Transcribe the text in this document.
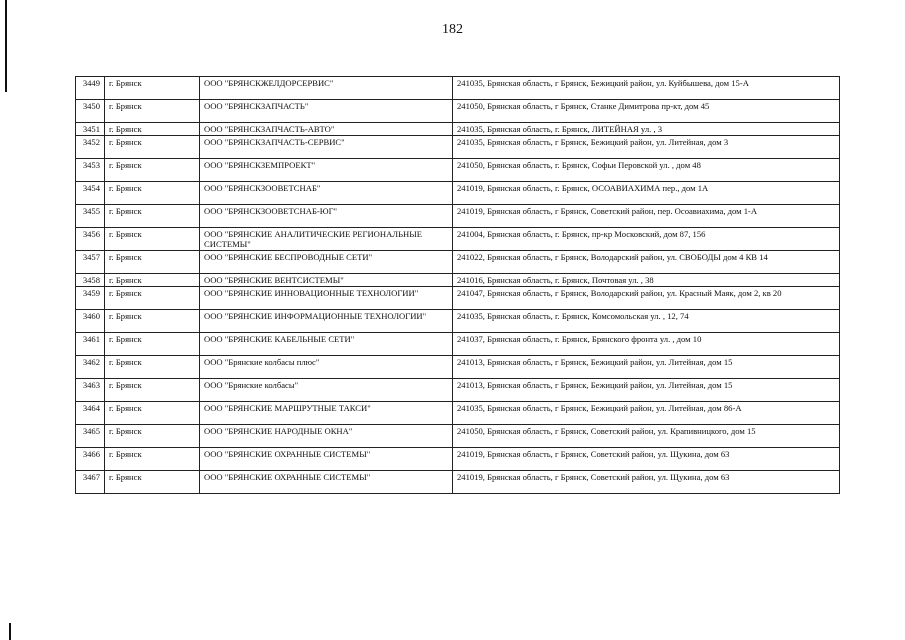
182
3449	г. Брянск	ООО "БРЯНСКЖЕЛДОРСЕРВИС"	241035, Брянская область, г Брянск, Бежицкий район, ул. Куйбышева, дом 15-А
3450	г. Брянск	ООО "БРЯНСКЗАПЧАСТЬ"	241050, Брянская область, г Брянск, Станке Димитрова пр-кт, дом 45
3451	г. Брянск	ООО "БРЯНСКЗАПЧАСТЬ-АВТО"	241035, Брянская область, г. Брянск, ЛИТЕЙНАЯ ул. , 3
3452	г. Брянск	ООО "БРЯНСКЗАПЧАСТЬ-СЕРВИС"	241035, Брянская область, г Брянск, Бежицкий район, ул. Литейная, дом 3
3453	г. Брянск	ООО "БРЯНСКЗЕМПРОЕКТ"	241050, Брянская область, г. Брянск, Софьи Перовской ул. , дом 48
3454	г. Брянск	ООО "БРЯНСКЗООВЕТСНАБ"	241019, Брянская область, г. Брянск, ОСОАВИАХИМА пер., дом 1А
3455	г. Брянск	ООО "БРЯНСКЗООВЕТСНАБ-ЮГ"	241019, Брянская область, г Брянск, Советский район, пер. Осоавиахима, дом 1-А
3456	г. Брянск	ООО "БРЯНСКИЕ АНАЛИТИЧЕСКИЕ РЕГИОНАЛЬНЫЕ СИСТЕМЫ"	241004, Брянская область, г. Брянск, пр-кр Московский, дом 87, 156
3457	г. Брянск	ООО "БРЯНСКИЕ БЕСПРОВОДНЫЕ СЕТИ"	241022, Брянская область, г Брянск, Володарский район, ул. СВОБОДЫ дом 4 КВ 14
3458	г. Брянск	ООО "БРЯНСКИЕ ВЕНТСИСТЕМЫ"	241016, Брянская область, г. Брянск, Почтовая ул. , 38
3459	г. Брянск	ООО "БРЯНСКИЕ ИННОВАЦИОННЫЕ ТЕХНОЛОГИИ"	241047, Брянская область, г Брянск, Володарский район, ул. Красный Маяк, дом 2, кв 20
3460	г. Брянск	ООО "БРЯНСКИЕ ИНФОРМАЦИОННЫЕ ТЕХНОЛОГИИ"	241035, Брянская область, г. Брянск, Комсомольская ул. , 12, 74
3461	г. Брянск	ООО "БРЯНСКИЕ КАБЕЛЬНЫЕ СЕТИ"	241037, Брянская область, г. Брянск, Брянского фронта ул. , дом 10
3462	г. Брянск	ООО "Брянские колбасы плюс"	241013, Брянская область, г Брянск, Бежицкий район, ул. Литейная, дом 15
3463	г. Брянск	ООО "Брянские колбасы"	241013, Брянская область, г Брянск, Бежицкий район, ул. Литейная, дом 15
3464	г. Брянск	ООО "БРЯНСКИЕ МАРШРУТНЫЕ ТАКСИ"	241035, Брянская область, г Брянск, Бежицкий район, ул. Литейная, дом 86-А
3465	г. Брянск	ООО "БРЯНСКИЕ НАРОДНЫЕ ОКНА"	241050, Брянская область, г Брянск, Советский район, ул. Крапивницкого, дом 15
3466	г. Брянск	ООО "БРЯНСКИЕ ОХРАННЫЕ СИСТЕМЫ"	241019, Брянская область, г Брянск, Советский район, ул. Щукина, дом 63
3467	г. Брянск	ООО "БРЯНСКИЕ ОХРАННЫЕ СИСТЕМЫ"	241019, Брянская область, г Брянск, Советский район, ул. Щукина, дом 63
